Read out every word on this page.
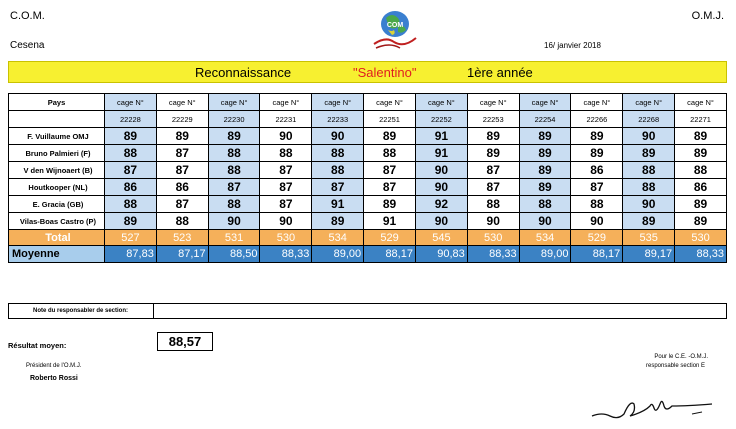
C.O.M.	O.M.J.
Cesena	16/ janvier 2018
COM
Reconnaissance	"Salentino"	1ère année
Pays	cage N°	cage N°	cage N°	cage N°	cage N°	cage N°	cage N°	cage N°	cage N°	cage N°	cage N°	cage N°
	22228	22229	22230	22231	22233	22251	22252	22253	22254	22266	22268	22271
F. Vuillaume OMJ	89	89	89	90	90	89	91	89	89	89	90	89
Bruno Palmieri (F)	88	87	88	88	88	88	91	89	89	89	89	89
V den Wijnoaert (B)	87	87	88	87	88	87	90	87	89	86	88	88
Houtkooper (NL)	86	86	87	87	87	87	90	87	89	87	88	86
E. Gracia (GB)	88	87	88	87	91	89	92	88	88	88	90	89
Vilas-Boas Castro (P)	89	88	90	90	89	91	90	90	90	90	89	89
Total	527	523	531	530	534	529	545	530	534	529	535	530
Moyenne	87,83	87,17	88,50	88,33	89,00	88,17	90,83	88,33	89,00	88,17	89,17	88,33
Note du responsabler de section:
Résultat moyen:	88,57
Président de l'O.M.J.
Roberto Rossi
Pour le C.E. -O.M.J.
responsable section E
